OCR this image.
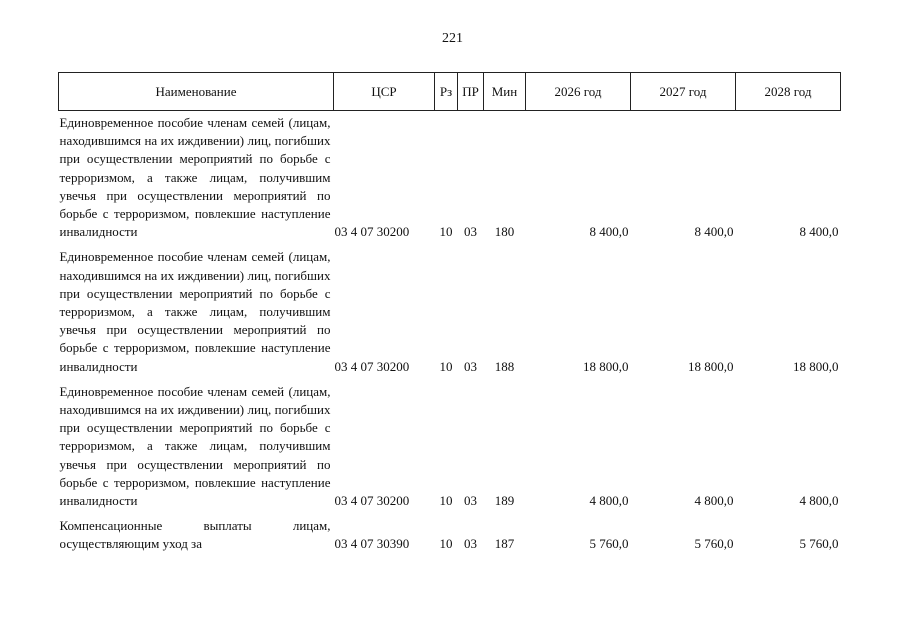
221
Наименование	ЦСР	Рз	ПР	Мин	2026 год	2027 год	2028 год
Единовременное пособие членам семей (лицам, находившимся на их иждивении) лиц, погибших при осуществлении мероприятий по борьбе с терроризмом, а также лицам, получившим увечья при осуществлении мероприятий по борьбе с терроризмом, повлекшие наступление инвалидности	03 4 07 30200	10	03	180	8 400,0	8 400,0	8 400,0
Единовременное пособие членам семей (лицам, находившимся на их иждивении) лиц, погибших при осуществлении мероприятий по борьбе с терроризмом, а также лицам, получившим увечья при осуществлении мероприятий по борьбе с терроризмом, повлекшие наступление инвалидности	03 4 07 30200	10	03	188	18 800,0	18 800,0	18 800,0
Единовременное пособие членам семей (лицам, находившимся на их иждивении) лиц, погибших при осуществлении мероприятий по борьбе с терроризмом, а также лицам, получившим увечья при осуществлении мероприятий по борьбе с терроризмом, повлекшие наступление инвалидности	03 4 07 30200	10	03	189	4 800,0	4 800,0	4 800,0
Компенсационные выплаты лицам, осуществляющим уход за	03 4 07 30390	10	03	187	5 760,0	5 760,0	5 760,0
